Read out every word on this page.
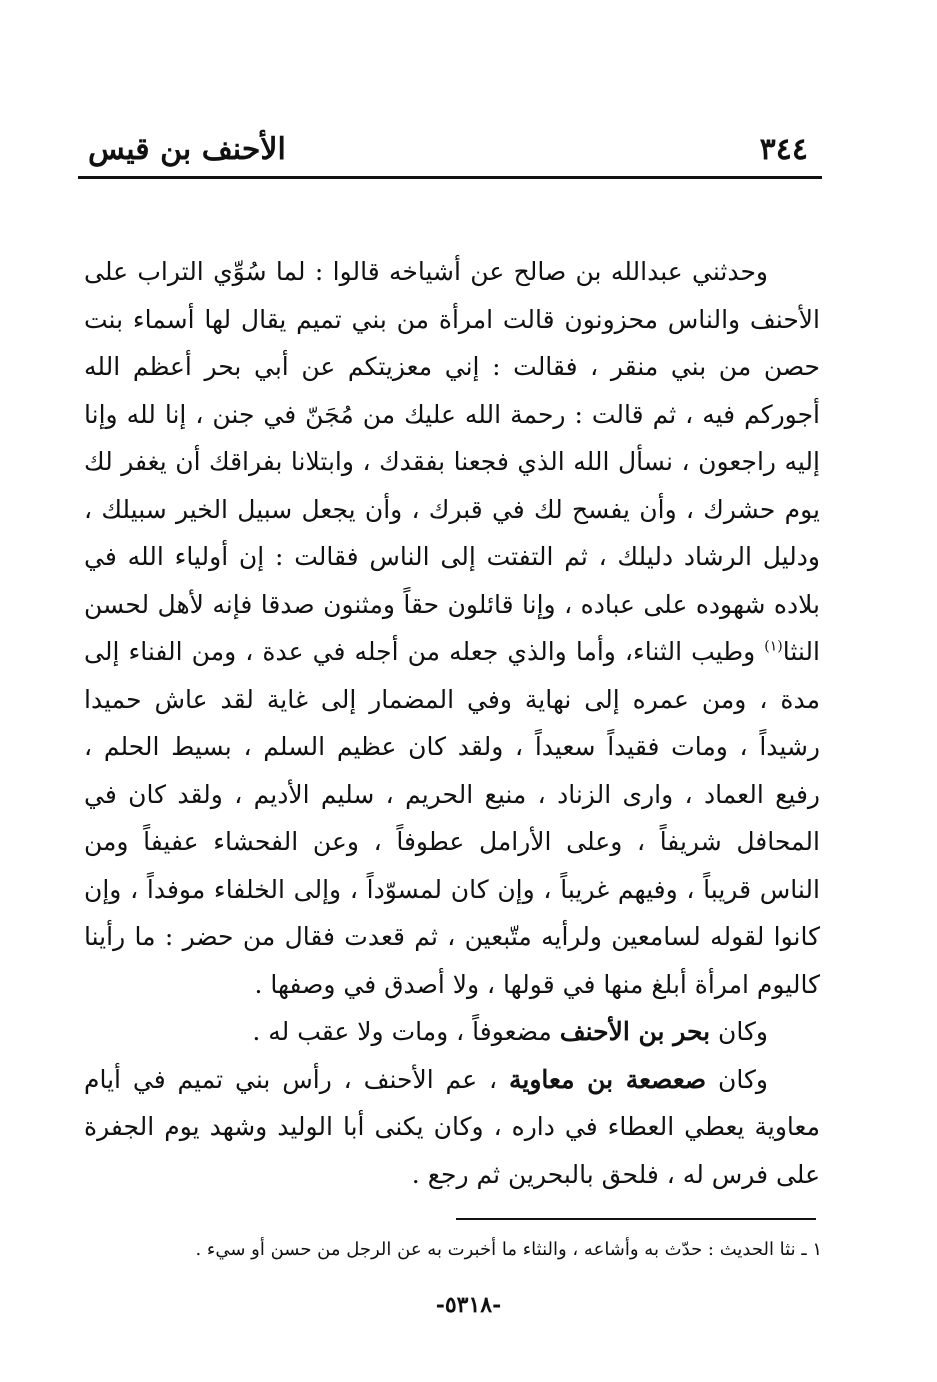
٣٤٤
الأحنف بن قيس

وحدثني عبدالله بن صالح عن أشياخه قالوا : لما سُوِّي التراب على الأحنف والناس محزونون قالت امرأة من بني تميم يقال لها أسماء بنت حصن من بني منقر ، فقالت : إني معزيتكم عن أبي بحر أعظم الله أجوركم فيه ، ثم قالت : رحمة الله عليك من مُجَنّ في جنن ، إنا لله وإنا إليه راجعون ، نسأل الله الذي فجعنا بفقدك ، وابتلانا بفراقك أن يغفر لك يوم حشرك ، وأن يفسح لك في قبرك ، وأن يجعل سبيل الخير سبيلك ، ودليل الرشاد دليلك ، ثم التفتت إلى الناس فقالت : إن أولياء الله في بلاده شهوده على عباده ، وإنا قائلون حقاً ومثنون صدقا فإنه لأهل لحسن النثا$^{(١)}$ وطيب الثناء، وأما والذي جعله من أجله في عدة ، ومن الفناء إلى مدة ، ومن عمره إلى نهاية وفي المضمار إلى غاية لقد عاش حميدا رشيداً ، ومات فقيداً سعيداً ، ولقد كان عظيم السلم ، بسيط الحلم ، رفيع العماد ، وارى الزناد ، منيع الحريم ، سليم الأديم ، ولقد كان في المحافل شريفاً ، وعلى الأرامل عطوفاً ، وعن الفحشاء عفيفاً ومن الناس قريباً ، وفيهم غريباً ، وإن كان لمسوّداً ، وإلى الخلفاء موفداً ، وإن كانوا لقوله لسامعين ولرأيه متّبعين ، ثم قعدت فقال من حضر : ما رأينا كاليوم امرأة أبلغ منها في قولها ، ولا أصدق في وصفها .

وكان بحر بن الأحنف مضعوفاً ، ومات ولا عقب له .

وكان صعصعة بن معاوية ، عم الأحنف ، رأس بني تميم في أيام معاوية يعطي العطاء في داره ، وكان يكنى أبا الوليد وشهد يوم الجفرة على فرس له ، فلحق بالبحرين ثم رجع .

١ ـ نثا الحديث : حدّث به وأشاعه ، والنثاء ما أخبرت به عن الرجل من حسن أو سيء .
-٥٣١٨-
